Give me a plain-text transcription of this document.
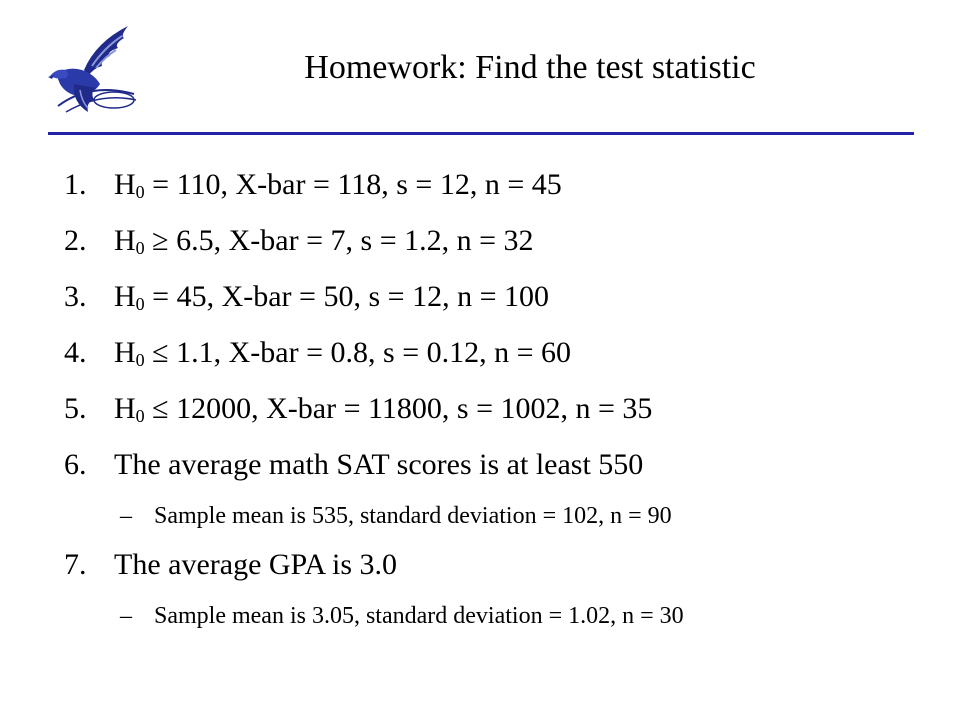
Homework: Find the test statistic
1. $H_0 = 110$, X-bar = 118, s = 12, n = 45
2. $H_0 \ge 6.5$, X-bar = 7, s = 1.2, n = 32
3. $H_0 = 45$, X-bar = 50, s = 12, n = 100
4. $H_0 \le 1.1$, X-bar = 0.8, s = 0.12, n = 60
5. $H_0 \le 12000$, X-bar = 11800, s = 1002, n = 35
6. The average math SAT scores is at least 550
– Sample mean is 535, standard deviation = 102, n = 90
7. The average GPA is 3.0
– Sample mean is 3.05, standard deviation = 1.02, n = 30
